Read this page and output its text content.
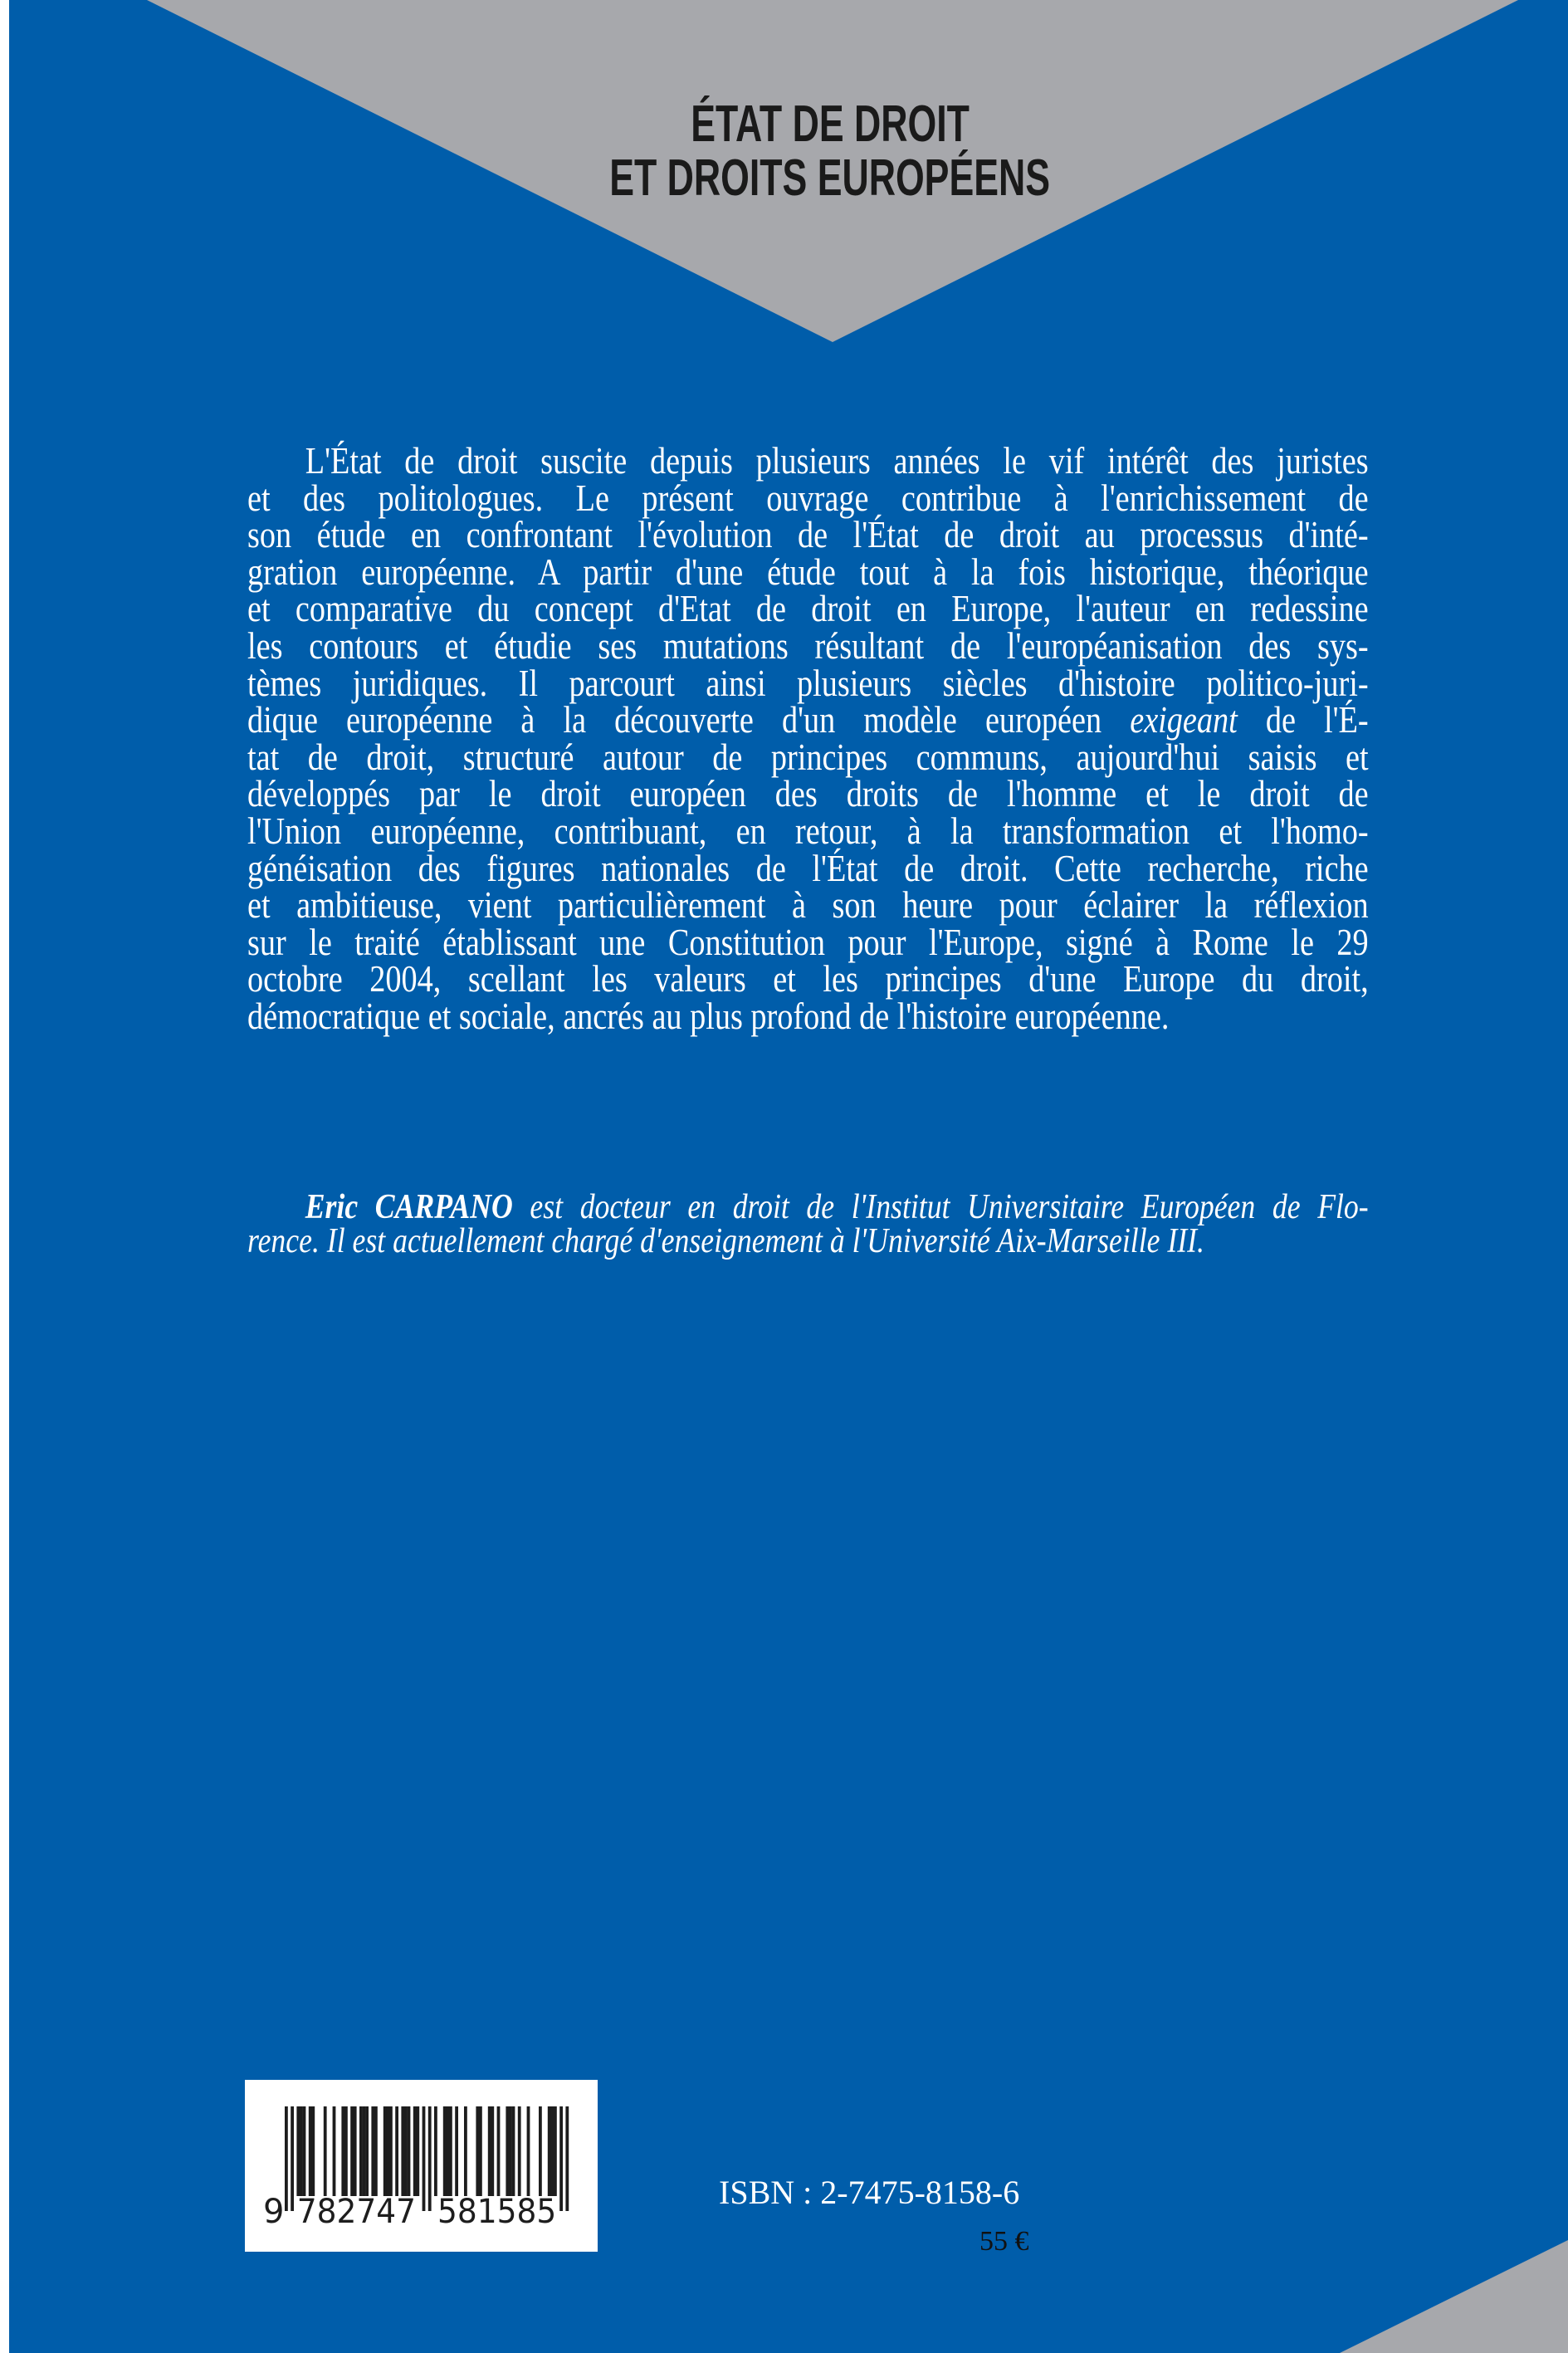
ÉTAT DE DROIT
ET DROITS EUROPÉENS
L'État de droit suscite depuis plusieurs années le vif intérêt des juristes
et des politologues. Le présent ouvrage contribue à l'enrichissement de
son étude en confrontant l'évolution de l'État de droit au processus d'inté-
gration européenne. A partir d'une étude tout à la fois historique, théorique
et comparative du concept d'Etat de droit en Europe, l'auteur en redessine
les contours et étudie ses mutations résultant de l'européanisation des sys-
tèmes juridiques. Il parcourt ainsi plusieurs siècles d'histoire politico-juri-
dique européenne à la découverte d'un modèle européen exigeant de l'É-
tat de droit, structuré autour de principes communs, aujourd'hui saisis et
développés par le droit européen des droits de l'homme et le droit de
l'Union européenne, contribuant, en retour, à la transformation et l'homo-
généisation des figures nationales de l'État de droit. Cette recherche, riche
et ambitieuse, vient particulièrement à son heure pour éclairer la réflexion
sur le traité établissant une Constitution pour l'Europe, signé à Rome le 29
octobre 2004, scellant les valeurs et les principes d'une Europe du droit,
démocratique et sociale, ancrés au plus profond de l'histoire européenne.
Eric CARPANO est docteur en droit de l'Institut Universitaire Européen de Flo-
rence. Il est actuellement chargé d'enseignement à l'Université Aix-Marseille III.
9 782747 581585
ISBN : 2-7475-8158-6
55 €
